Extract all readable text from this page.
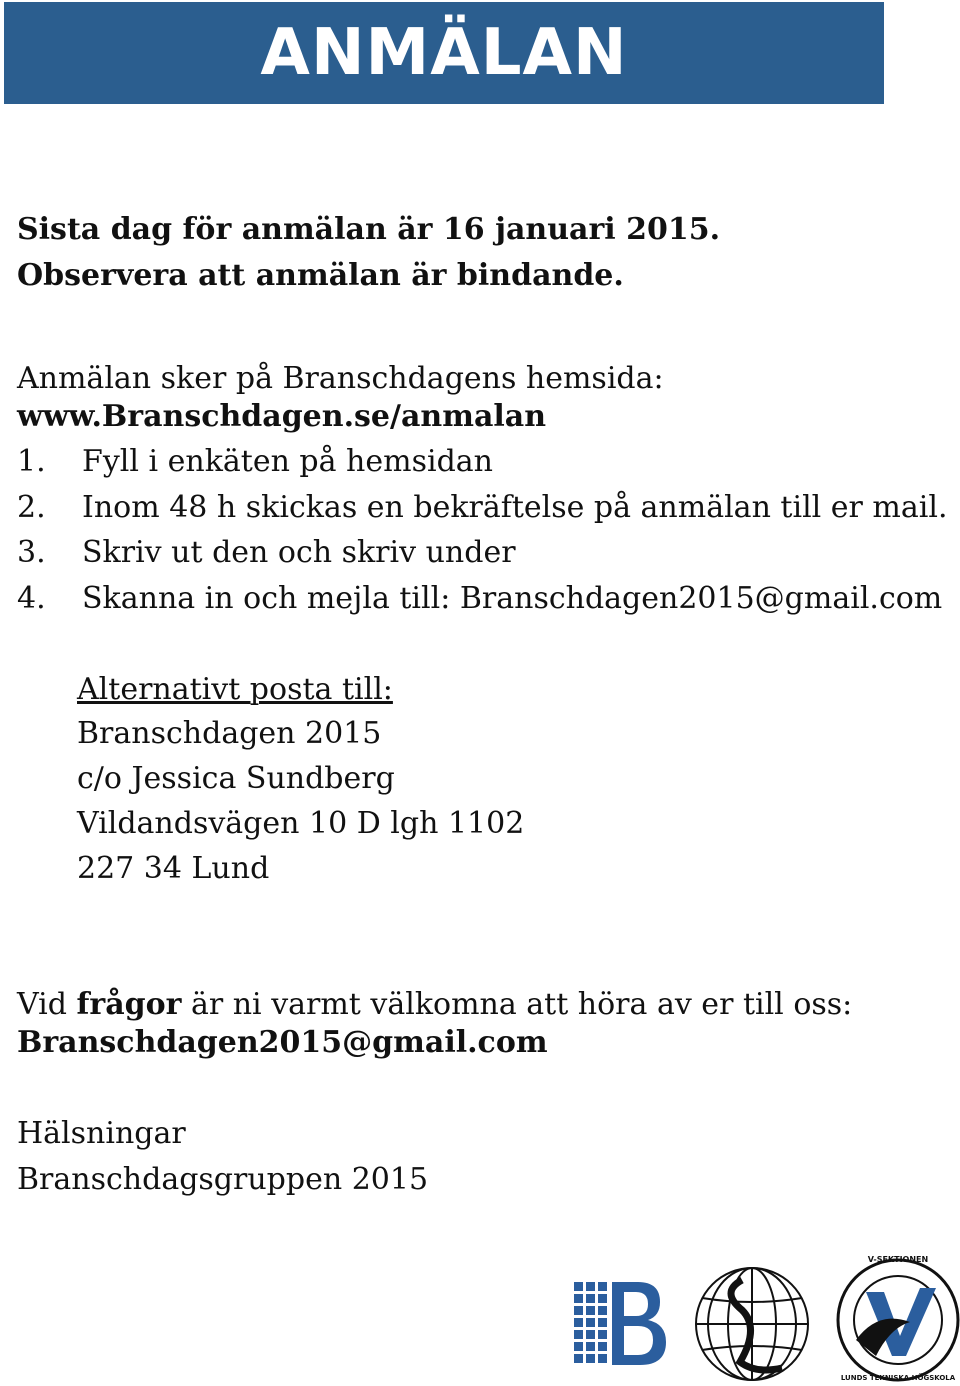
ANMÄLAN
Sista dag för anmälan är 16 januari 2015.
Observera att anmälan är bindande.
Anmälan sker på Branschdagens hemsida:
www.Branschdagen.se/anmalan
1. Fyll i enkäten på hemsidan
2. Inom 48 h skickas en bekräftelse på anmälan till er mail.
3. Skriv ut den och skriv under
4. Skanna in och mejla till: Branschdagen2015@gmail.com
Alternativt posta till:
Branschdagen 2015
c/o Jessica Sundberg
Vildandsvägen 10 D lgh 1102
227 34 Lund
Vid frågor är ni varmt välkomna att höra av er till oss:
Branschdagen2015@gmail.com
Hälsningar
Branschdagsgruppen 2015
V-SEKTIONEN
LUNDS TEKNISKA HÖGSKOLA
